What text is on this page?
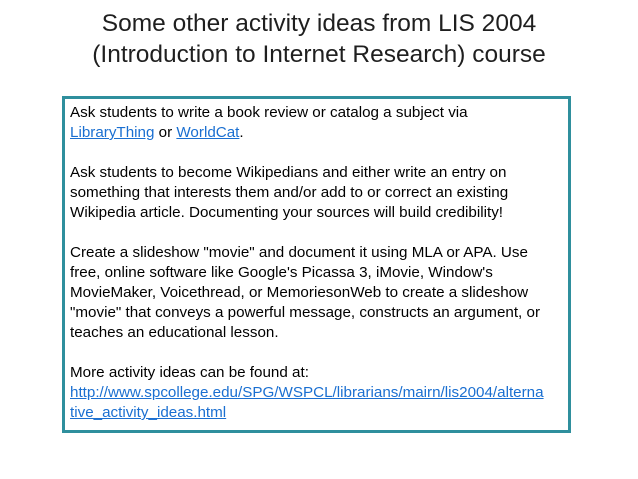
Some other activity ideas from LIS 2004
(Introduction to Internet Research) course

Ask students to write a book review or catalog a subject via
LibraryThing or WorldCat.

Ask students to become Wikipedians and either write an entry on
something that interests them and/or add to or correct an existing
Wikipedia article. Documenting your sources will build credibility!

Create a slideshow "movie" and document it using MLA or APA. Use
free, online software like Google's Picassa 3, iMovie, Window's
MovieMaker, Voicethread, or MemoriesonWeb to create a slideshow
"movie" that conveys a powerful message, constructs an argument, or
teaches an educational lesson.

More activity ideas can be found at:
http://www.spcollege.edu/SPG/WSPCL/librarians/mairn/lis2004/alterna
tive_activity_ideas.html
